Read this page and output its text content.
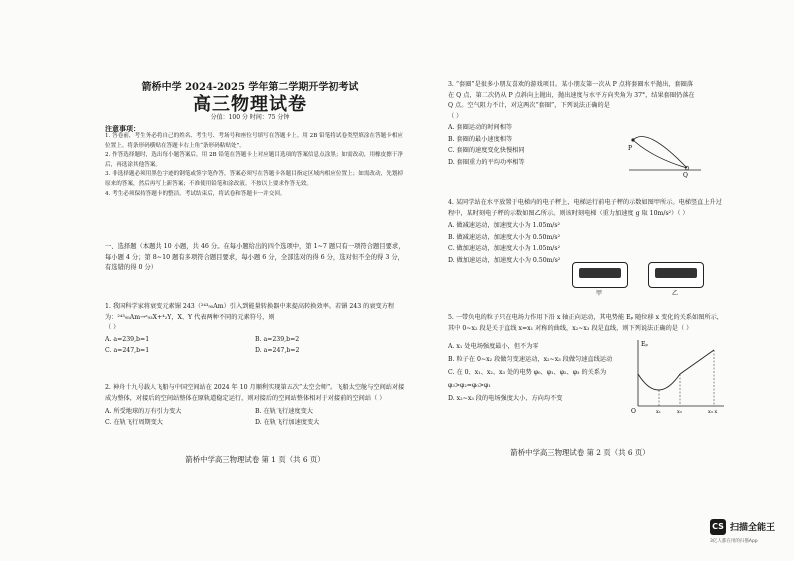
箭桥中学 2024-2025 学年第二学期开学初考试
高三物理试卷
分值：100 分 时间：75 分钟
注意事项：

1. 答卷前，考生务必将自己的姓名、考生号、考场号和座位号填写在答题卡上。用 2B 铅笔将试卷类型填涂在答题卡相应位置上。将条形码横贴在答题卡右上角“条形码粘贴处”。

2. 作答选择题时，选出每小题答案后，用 2B 铅笔在答题卡上对应题目选项的答案信息点涂黑；如需改动，用橡皮擦干净后，再选涂其他答案。

3. 非选择题必须用黑色字迹的钢笔或签字笔作答，答案必须写在答题卡各题目指定区域内相应位置上；如需改动，先划掉原来的答案，然后再写上新答案；不准使用铅笔和涂改液。不按以上要求作答无效。

4. 考生必须保持答题卡的整洁。考试结束后，将试卷和答题卡一并交回。

一、选择题（本题共 10 小题，共 46 分。在每小题给出的四个选项中，第 1~7 题只有一项符合题目要求，每小题 4 分；第 8~10 题有多项符合题目要求，每小题 6 分，全部选对的得 6 分，选对但不全的得 3 分，有选错的得 0 分）

1. 我国科学家将衰变元素镅 243（²⁴³₉₅Am）引入到能量转换器中来提高转换效率。若镅 243 的衰变方程为：²⁴³₉₅Am→ᵃ₉₃X+⁴₂Y，X、Y 代表两种不同的元素符号，则

（ ）

A. a=239,b=1	B. a=239,b=2
C. a=247,b=1	D. a=247,b=2

2. 神舟十九号载人飞船与中国空间站在 2024 年 10 月顺利实现第五次“太空会师”。飞船太空舱与空间站对接成为整体，对接后的空间站整体在原轨道稳定运行，则对接后的空间站整体相对于对接前的空间站（ ）

A. 所受地球的万有引力变大	B. 在轨飞行速度变大
C. 在轨飞行周期变大	D. 在轨飞行加速度变大
箭桥中学高三物理试卷 第 1 页（共 6 页）

3. “套圈”是很多小朋友喜欢的游戏项目。某小朋友第一次从 P 点将套圈水平抛出，套圈落在 Q 点，第二次仍从 P 点斜向上抛出，抛出速度与水平方向夹角为 37°，结果套圈仍落在 Q 点。空气阻力不计，对这两次“套圈”，下列说法正确的是

（ ）

A. 套圈运动的时间相等
B. 套圈的最小速度相等
C. 套圈的速度变化快慢相同
D. 套圈重力的平均功率相等
P
Q

4. 某同学站在水平放置于电梯内的电子秤上，电梯运行前电子秤的示数如图甲所示。电梯竖直上升过程中，某时刻电子秤的示数如图乙所示。则该时刻电梯（重力加速度 g 取 10m/s²）（ ）

A. 做减速运动，加速度大小为 1.05m/s²
B. 做减速运动，加速度大小为 0.50m/s²
C. 做加速运动，加速度大小为 1.05m/s²
D. 做加速运动，加速度大小为 0.50m/s²
甲	乙

5. 一带负电的粒子只在电场力作用下沿 x 轴正向运动，其电势能 Eₚ 随位移 x 变化的关系如图所示，其中 0~x₂ 段是关于直线 x=x₁ 对称的曲线，x₂~x₃ 段是直线，则下列说法正确的是（ ）

A. x₁ 处电场强度最小，但不为零
B. 粒子在 0~x₂ 段做匀变速运动，x₂~x₃ 段做匀速直线运动
C. 在 0、x₁、x₂、x₃ 处的电势 φ₀、φ₁、φ₂、φ₃ 的关系为 φ₃>φ₂=φ₀>φ₁
D. x₂~x₃ 段的电场强度大小、方向均不变
Eₚ
O	x₁	x₂	x₃ x
箭桥中学高三物理试卷 第 2 页（共 6 页）
CS 扫描全能王
3亿人都在用的扫描App
